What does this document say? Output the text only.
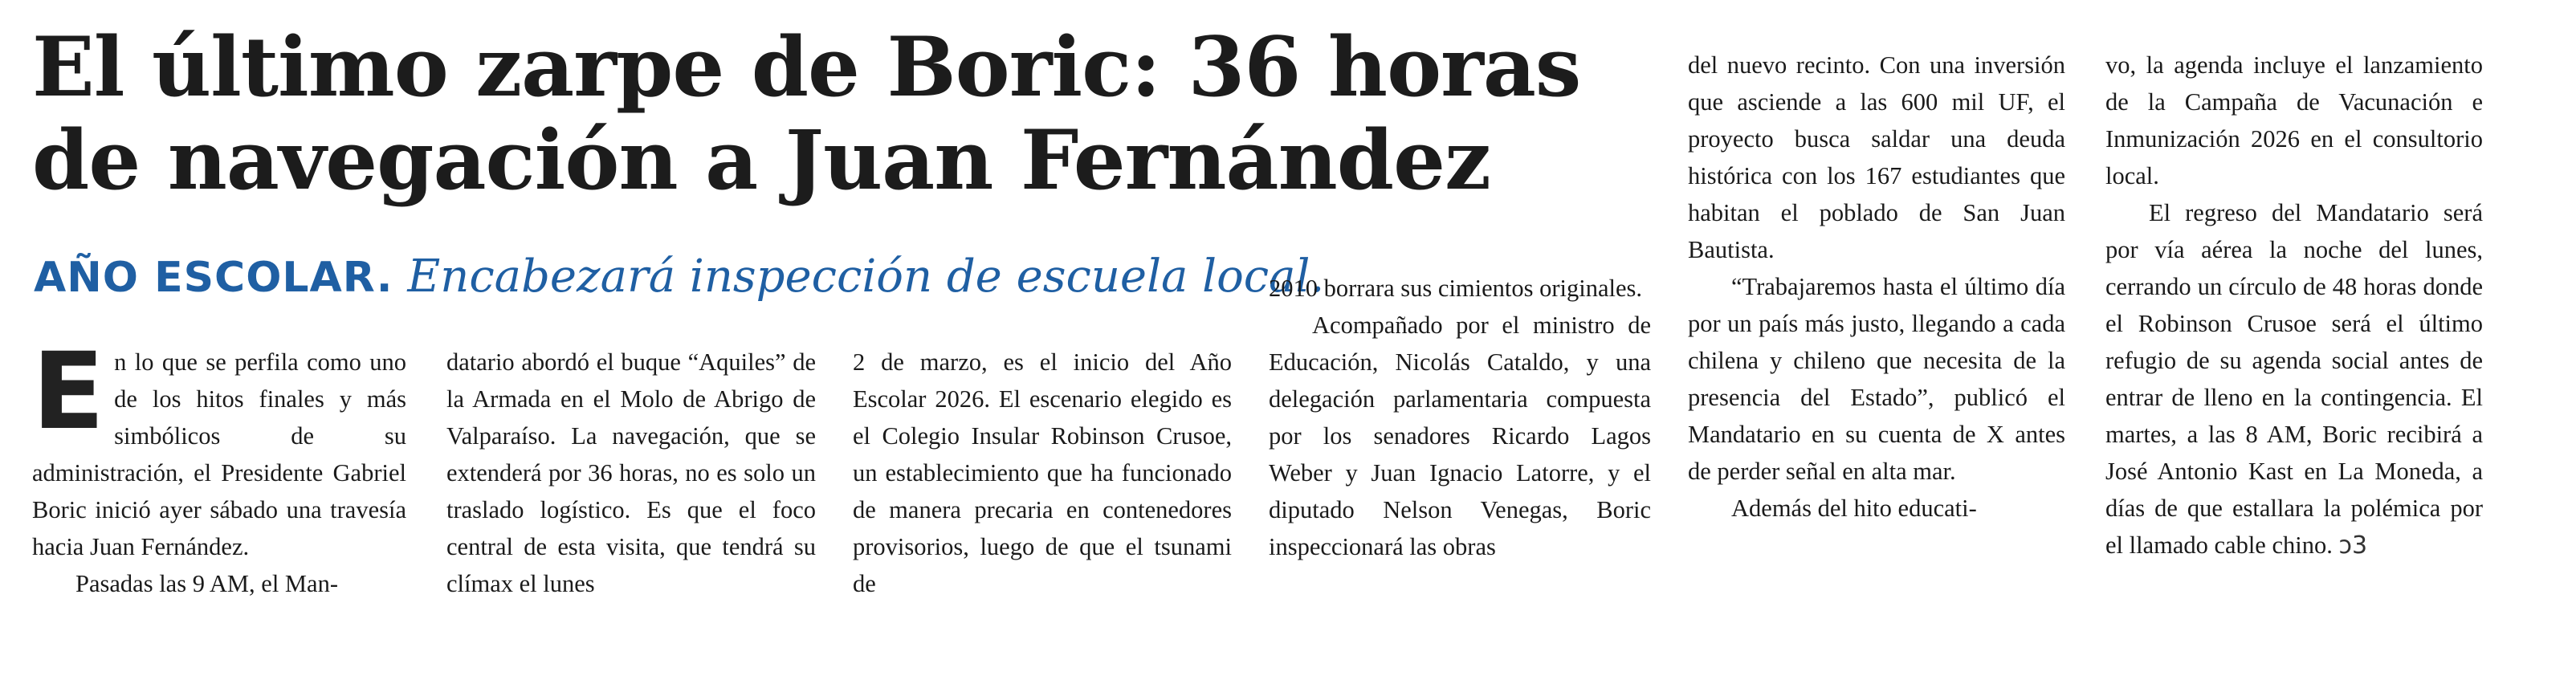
El último zarpe de Boric: 36 horas de navegación a Juan Fernández
AÑO ESCOLAR. Encabezará inspección de escuela local.

En lo que se perfila como uno de los hitos finales y más simbólicos de su administración, el Presidente Gabriel Boric inició ayer sábado una travesía hacia Juan Fernández.

Pasadas las 9 AM, el Man-

datario abordó el buque “Aquiles” de la Armada en el Molo de Abrigo de Valparaíso. La navegación, que se extenderá por 36 horas, no es solo un traslado logístico. Es que el foco central de esta visita, que tendrá su clímax el lunes

2 de marzo, es el inicio del Año Escolar 2026. El escenario elegido es el Colegio Insular Robinson Crusoe, un establecimiento que ha funcionado de manera precaria en contenedores provisorios, luego de que el tsunami de

2010 borrara sus cimientos originales.

Acompañado por el ministro de Educación, Nicolás Cataldo, y una delegación parlamentaria compuesta por los senadores Ricardo Lagos Weber y Juan Ignacio Latorre, y el diputado Nelson Venegas, Boric inspeccionará las obras

del nuevo recinto. Con una inversión que asciende a las 600 mil UF, el proyecto busca saldar una deuda histórica con los 167 estudiantes que habitan el poblado de San Juan Bautista.

“Trabajaremos hasta el último día por un país más justo, llegando a cada chilena y chileno que necesita de la presencia del Estado”, publicó el Mandatario en su cuenta de X antes de perder señal en alta mar.

Además del hito educati-

vo, la agenda incluye el lanzamiento de la Campaña de Vacunación e Inmunización 2026 en el consultorio local.

El regreso del Mandatario será por vía aérea la noche del lunes, cerrando un círculo de 48 horas donde el Robinson Crusoe será el último refugio de su agenda social antes de entrar de lleno en la contingencia. El martes, a las 8 AM, Boric recibirá a José Antonio Kast en La Moneda, a días de que estallara la polémica por el llamado cable chino. ↄ3
